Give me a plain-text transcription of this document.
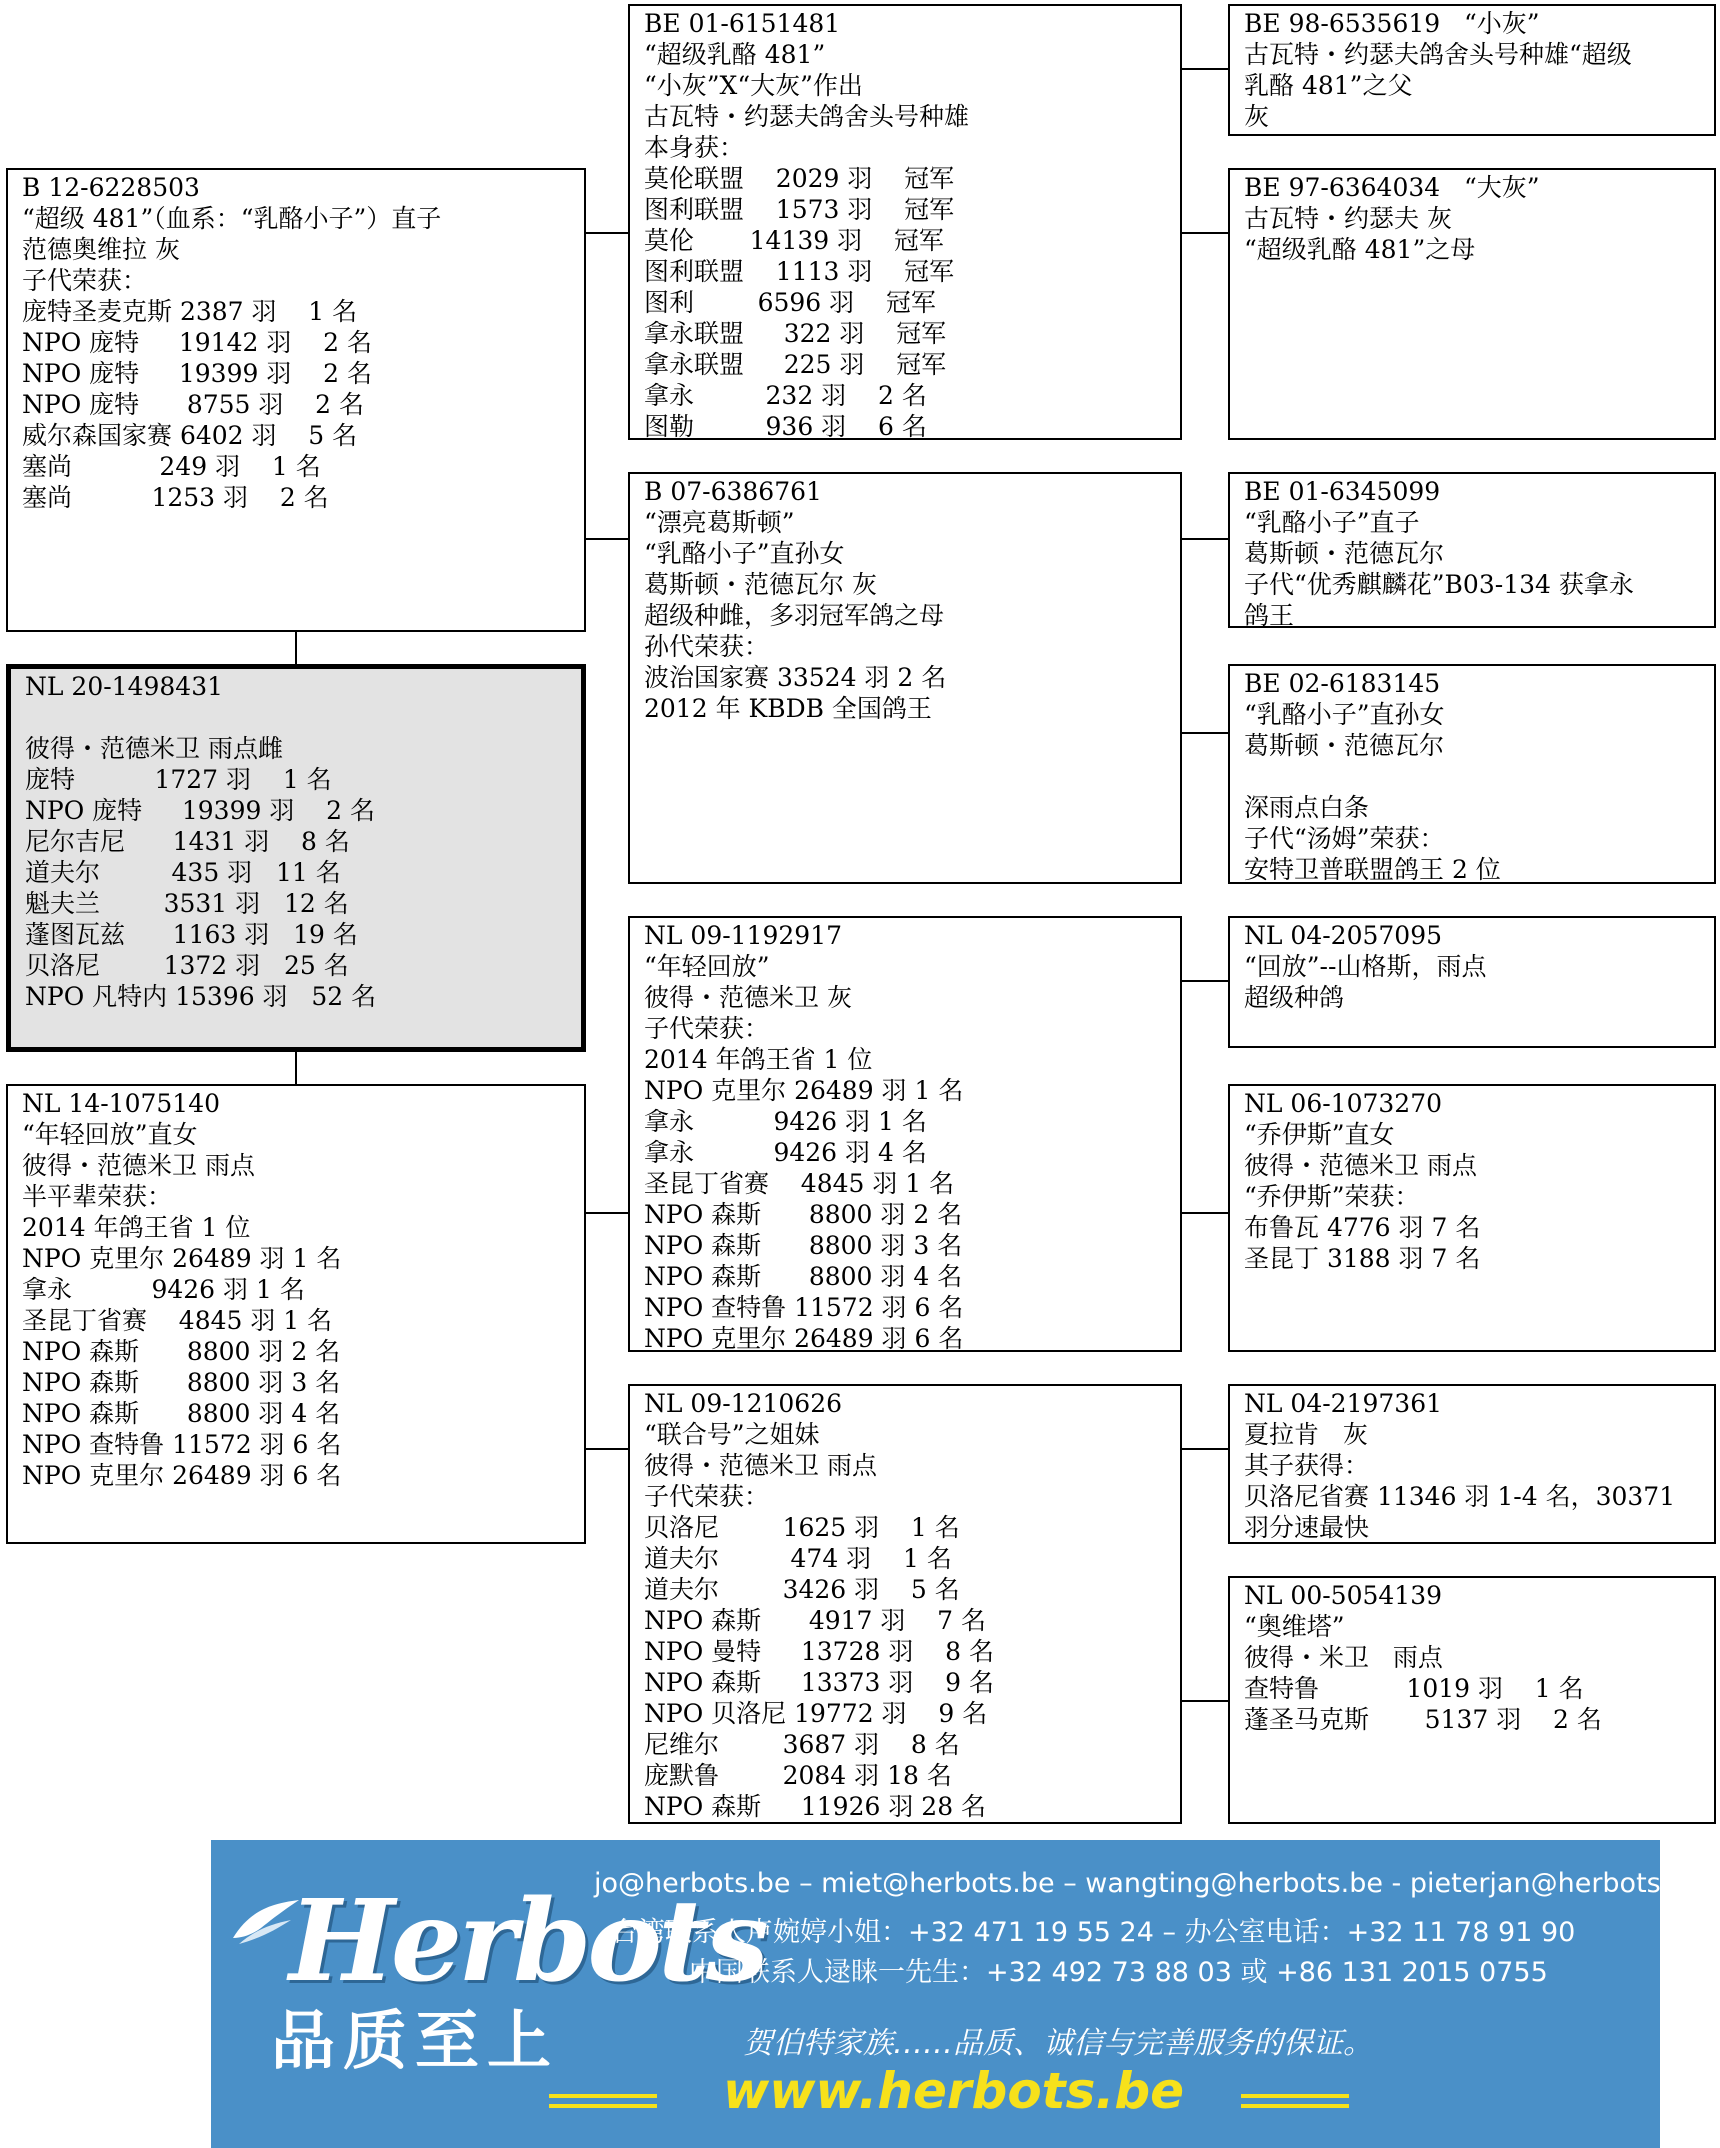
B 12-6228503
“超级 481”（血系：“乳酪小子”）直子
范德奥维拉 灰
子代荣获：
庞特圣麦克斯 2387 羽    1 名
NPO 庞特     19142 羽    2 名
NPO 庞特     19399 羽    2 名
NPO 庞特      8755 羽    2 名
威尔森国家赛 6402 羽    5 名
塞尚           249 羽    1 名
塞尚          1253 羽    2 名
NL 20-1498431
彼得・范德米卫 雨点雌
庞特          1727 羽    1 名
NPO 庞特     19399 羽    2 名
尼尔吉尼      1431 羽    8 名
道夫尔         435 羽   11 名
魁夫兰        3531 羽   12 名
蓬图瓦兹      1163 羽   19 名
贝洛尼        1372 羽   25 名
NPO 凡特内 15396 羽   52 名
NL 14-1075140
“年轻回放”直女
彼得・范德米卫 雨点
半平辈荣获：
2014 年鸽王省 1 位
NPO 克里尔 26489 羽 1 名
拿永          9426 羽 1 名
圣昆丁省赛    4845 羽 1 名
NPO 森斯      8800 羽 2 名
NPO 森斯      8800 羽 3 名
NPO 森斯      8800 羽 4 名
NPO 查特鲁 11572 羽 6 名
NPO 克里尔 26489 羽 6 名
BE 01-6151481
“超级乳酪 481”
“小灰”X“大灰”作出
古瓦特・约瑟夫鸽舍头号种雄
本身获：
莫伦联盟    2029 羽    冠军
图利联盟    1573 羽    冠军
莫伦       14139 羽    冠军
图利联盟    1113 羽    冠军
图利        6596 羽    冠军
拿永联盟     322 羽    冠军
拿永联盟     225 羽    冠军
拿永         232 羽    2 名
图勒         936 羽    6 名
B 07-6386761
“漂亮葛斯顿”
“乳酪小子”直孙女
葛斯顿・范德瓦尔 灰
超级种雌，多羽冠军鸽之母
孙代荣获：
波治国家赛 33524 羽 2 名
2012 年 KBDB 全国鸽王
NL 09-1192917
“年轻回放”
彼得・范德米卫 灰
子代荣获：
2014 年鸽王省 1 位
NPO 克里尔 26489 羽 1 名
拿永          9426 羽 1 名
拿永          9426 羽 4 名
圣昆丁省赛    4845 羽 1 名
NPO 森斯      8800 羽 2 名
NPO 森斯      8800 羽 3 名
NPO 森斯      8800 羽 4 名
NPO 查特鲁 11572 羽 6 名
NPO 克里尔 26489 羽 6 名
NL 09-1210626
“联合号”之姐妹
彼得・范德米卫 雨点
子代荣获：
贝洛尼        1625 羽    1 名
道夫尔         474 羽    1 名
道夫尔        3426 羽    5 名
NPO 森斯      4917 羽    7 名
NPO 曼特     13728 羽    8 名
NPO 森斯     13373 羽    9 名
NPO 贝洛尼 19772 羽    9 名
尼维尔        3687 羽    8 名
庞默鲁        2084 羽 18 名
NPO 森斯     11926 羽 28 名
BE 98-6535619   “小灰”
古瓦特・约瑟夫鸽舍头号种雄“超级
乳酪 481”之父
灰
BE 97-6364034   “大灰”
古瓦特・约瑟夫 灰
“超级乳酪 481”之母
BE 01-6345099
“乳酪小子”直子
葛斯顿・范德瓦尔
子代“优秀麒麟花”B03-134 获拿永
鸽王
BE 02-6183145
“乳酪小子”直孙女
葛斯顿・范德瓦尔
深雨点白条
子代“汤姆”荣获：
安特卫普联盟鸽王 2 位
NL 04-2057095
“回放”--山格斯，雨点
超级种鸽
NL 06-1073270
“乔伊斯”直女
彼得・范德米卫 雨点
“乔伊斯”荣获：
布鲁瓦 4776 羽 7 名
圣昆丁 3188 羽 7 名
NL 04-2197361
夏拉肯   灰
其子获得：
贝洛尼省赛 11346 羽 1-4 名，30371
羽分速最快
NL 00-5054139
“奥维塔”
彼得・米卫   雨点
查特鲁           1019 羽    1 名
蓬圣马克斯       5137 羽    2 名
Herbots
品质至上
jo@herbots.be – miet@herbots.be – wangting@herbots.be - pieterjan@herbots.be
台湾联系人卢婉婷小姐：+32 471 19 55 24 – 办公室电话：+32 11 78 91 90
中国联系人逯睐一先生：+32 492 73 88 03 或 +86 131 2015 0755
贺伯特家族……品质、诚信与完善服务的保证。
www.herbots.be
